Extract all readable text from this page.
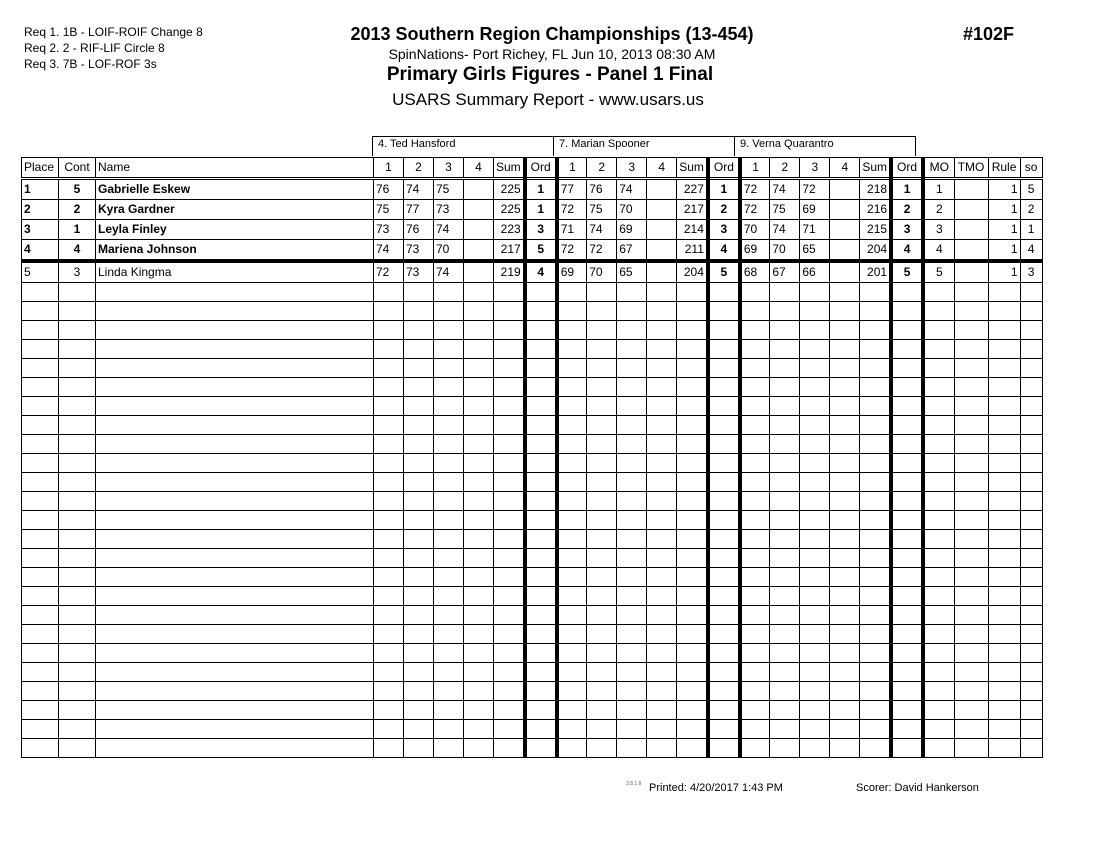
Req 1. 1B - LOIF-ROIF Change 8
Req 2. 2 - RIF-LIF Circle 8
Req 3. 7B - LOF-ROF 3s
2013 Southern Region Championships (13-454)
SpinNations- Port Richey, FL Jun 10, 2013 08:30 AM
Primary Girls Figures - Panel 1 Final
USARS Summary Report - www.usars.us
#102F
4. Ted Hansford	7. Marian Spooner	9. Verna Quarantro
Place	Cont	Name	1	2	3	4	Sum	Ord	1	2	3	4	Sum	Ord	1	2	3	4	Sum	Ord	MO	TMO	Rule	so
1	5	Gabrielle Eskew	76	74	75		225	1	77	76	74		227	1	72	74	72		218	1	1		1	5
2	2	Kyra Gardner	75	77	73		225	1	72	75	70		217	2	72	75	69		216	2	2		1	2
3	1	Leyla Finley	73	76	74		223	3	71	74	69		214	3	70	74	71		215	3	3		1	1
4	4	Mariena Johnson	74	73	70		217	5	72	72	67		211	4	69	70	65		204	4	4		1	4
5	3	Linda Kingma	72	73	74		219	4	69	70	65		204	5	68	67	66		201	5	5		1	3

3.8.1.8 Printed: 4/20/2017 1:43 PM	Scorer: David Hankerson
